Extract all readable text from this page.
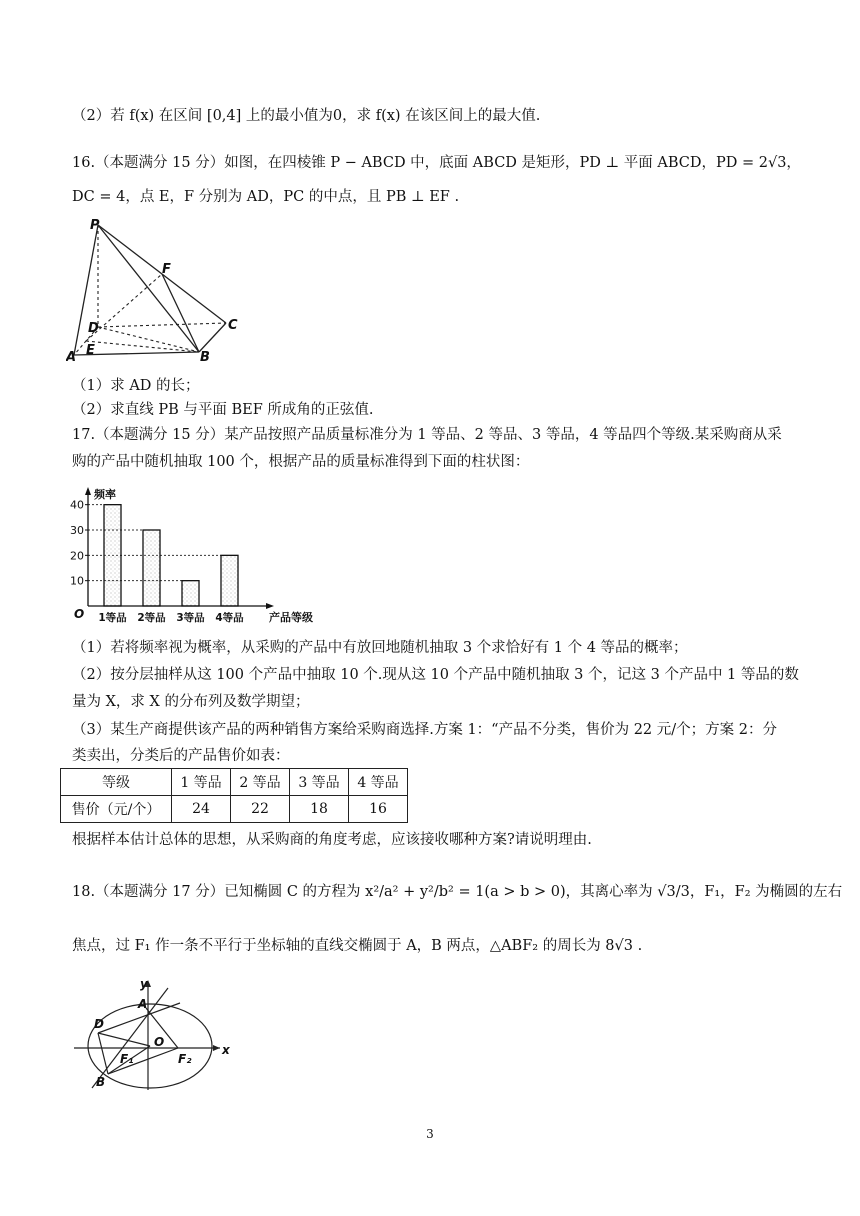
（2）若 f(x) 在区间 [0,4] 上的最小值为0，求 f(x) 在该区间上的最大值.
16.（本题满分 15 分）如图，在四棱锥 P − ABCD 中，底面 ABCD 是矩形，PD ⊥ 平面 ABCD，PD = 2√3，
DC = 4，点 E，F 分别为 AD，PC 的中点，且 PB ⊥ EF .
（1）求 AD 的长；
（2）求直线 PB 与平面 BEF 所成角的正弦值.
17.（本题满分 15 分）某产品按照产品质量标准分为 1 等品、2 等品、3 等品，4 等品四个等级.某采购商从采
购的产品中随机抽取 100 个，根据产品的质量标准得到下面的柱状图：
（1）若将频率视为概率，从采购的产品中有放回地随机抽取 3 个求恰好有 1 个 4 等品的概率；
（2）按分层抽样从这 100 个产品中抽取 10 个.现从这 10 个产品中随机抽取 3 个，记这 3 个产品中 1 等品的数
量为 X，求 X 的分布列及数学期望；
（3）某生产商提供该产品的两种销售方案给采购商选择.方案 1：“产品不分类，售价为 22 元/个；方案 2：分
类卖出，分类后的产品售价如表：
根据样本估计总体的思想，从采购商的角度考虑，应该接收哪种方案?请说明理由.
18.（本题满分 17 分）已知椭圆 C 的方程为 x²/a² + y²/b² = 1(a > b > 0)，其离心率为 √3/3，F₁，F₂ 为椭圆的左右
焦点，过 F₁ 作一条不平行于坐标轴的直线交椭圆于 A，B 两点，△ABF₂ 的周长为 8√3 .
等级	1 等品	2 等品	3 等品	4 等品
售价（元/个）	24	22	18	16
P
F
D	C
A E	B
频率
产品等级
O
10
20
30
40
1等品 2等品 3等品 4等品
y
x
A
D
O
F₁	F₂
B
3
